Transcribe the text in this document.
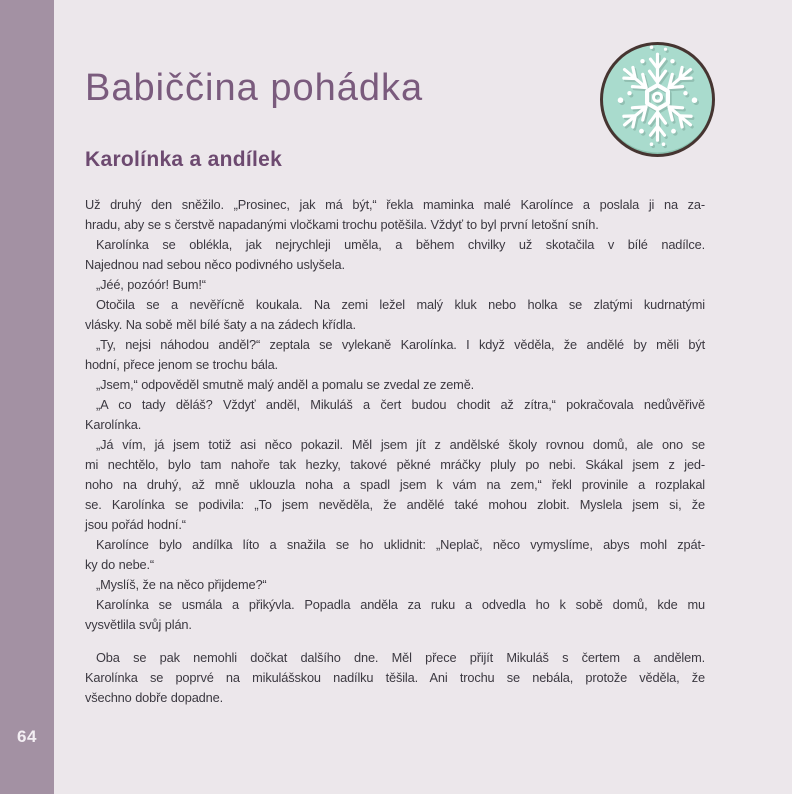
64
Babiččina pohádka
Karolínka a andílek
Už druhý den sněžilo. „Prosinec, jak má být,“ řekla maminka malé Karolínce a poslala ji na za-
hradu, aby se s čerstvě napadanými vločkami trochu potěšila. Vždyť to byl první letošní sníh.
Karolínka se oblékla, jak nejrychleji uměla, a během chvilky už skotačila v bílé nadílce.
Najednou nad sebou něco podivného uslyšela.
„Jéé, pozóór! Bum!“
Otočila se a nevěřícně koukala. Na zemi ležel malý kluk nebo holka se zlatými kudrnatými
vlásky. Na sobě měl bílé šaty a na zádech křídla.
„Ty, nejsi náhodou anděl?“ zeptala se vylekaně Karolínka. I když věděla, že andělé by měli být
hodní, přece jenom se trochu bála.
„Jsem,“ odpověděl smutně malý anděl a pomalu se zvedal ze země.
„A co tady děláš? Vždyť anděl, Mikuláš a čert budou chodit až zítra,“ pokračovala nedůvěřivě
Karolínka.
„Já vím, já jsem totiž asi něco pokazil. Měl jsem jít z andělské školy rovnou domů, ale ono se
mi nechtělo, bylo tam nahoře tak hezky, takové pěkné mráčky pluly po nebi. Skákal jsem z jed-
noho na druhý, až mně uklouzla noha a spadl jsem k vám na zem,“ řekl provinile a rozplakal
se. Karolínka se podivila: „To jsem nevěděla, že andělé také mohou zlobit. Myslela jsem si, že
jsou pořád hodní.“
Karolínce bylo andílka líto a snažila se ho uklidnit: „Neplač, něco vymyslíme, abys mohl zpát-
ky do nebe.“
„Myslíš, že na něco přijdeme?“
Karolínka se usmála a přikývla. Popadla anděla za ruku a odvedla ho k sobě domů, kde mu
vysvětlila svůj plán.
Oba se pak nemohli dočkat dalšího dne. Měl přece přijít Mikuláš s čertem a andělem.
Karolínka se poprvé na mikulášskou nadílku těšila. Ani trochu se nebála, protože věděla, že
všechno dobře dopadne.
